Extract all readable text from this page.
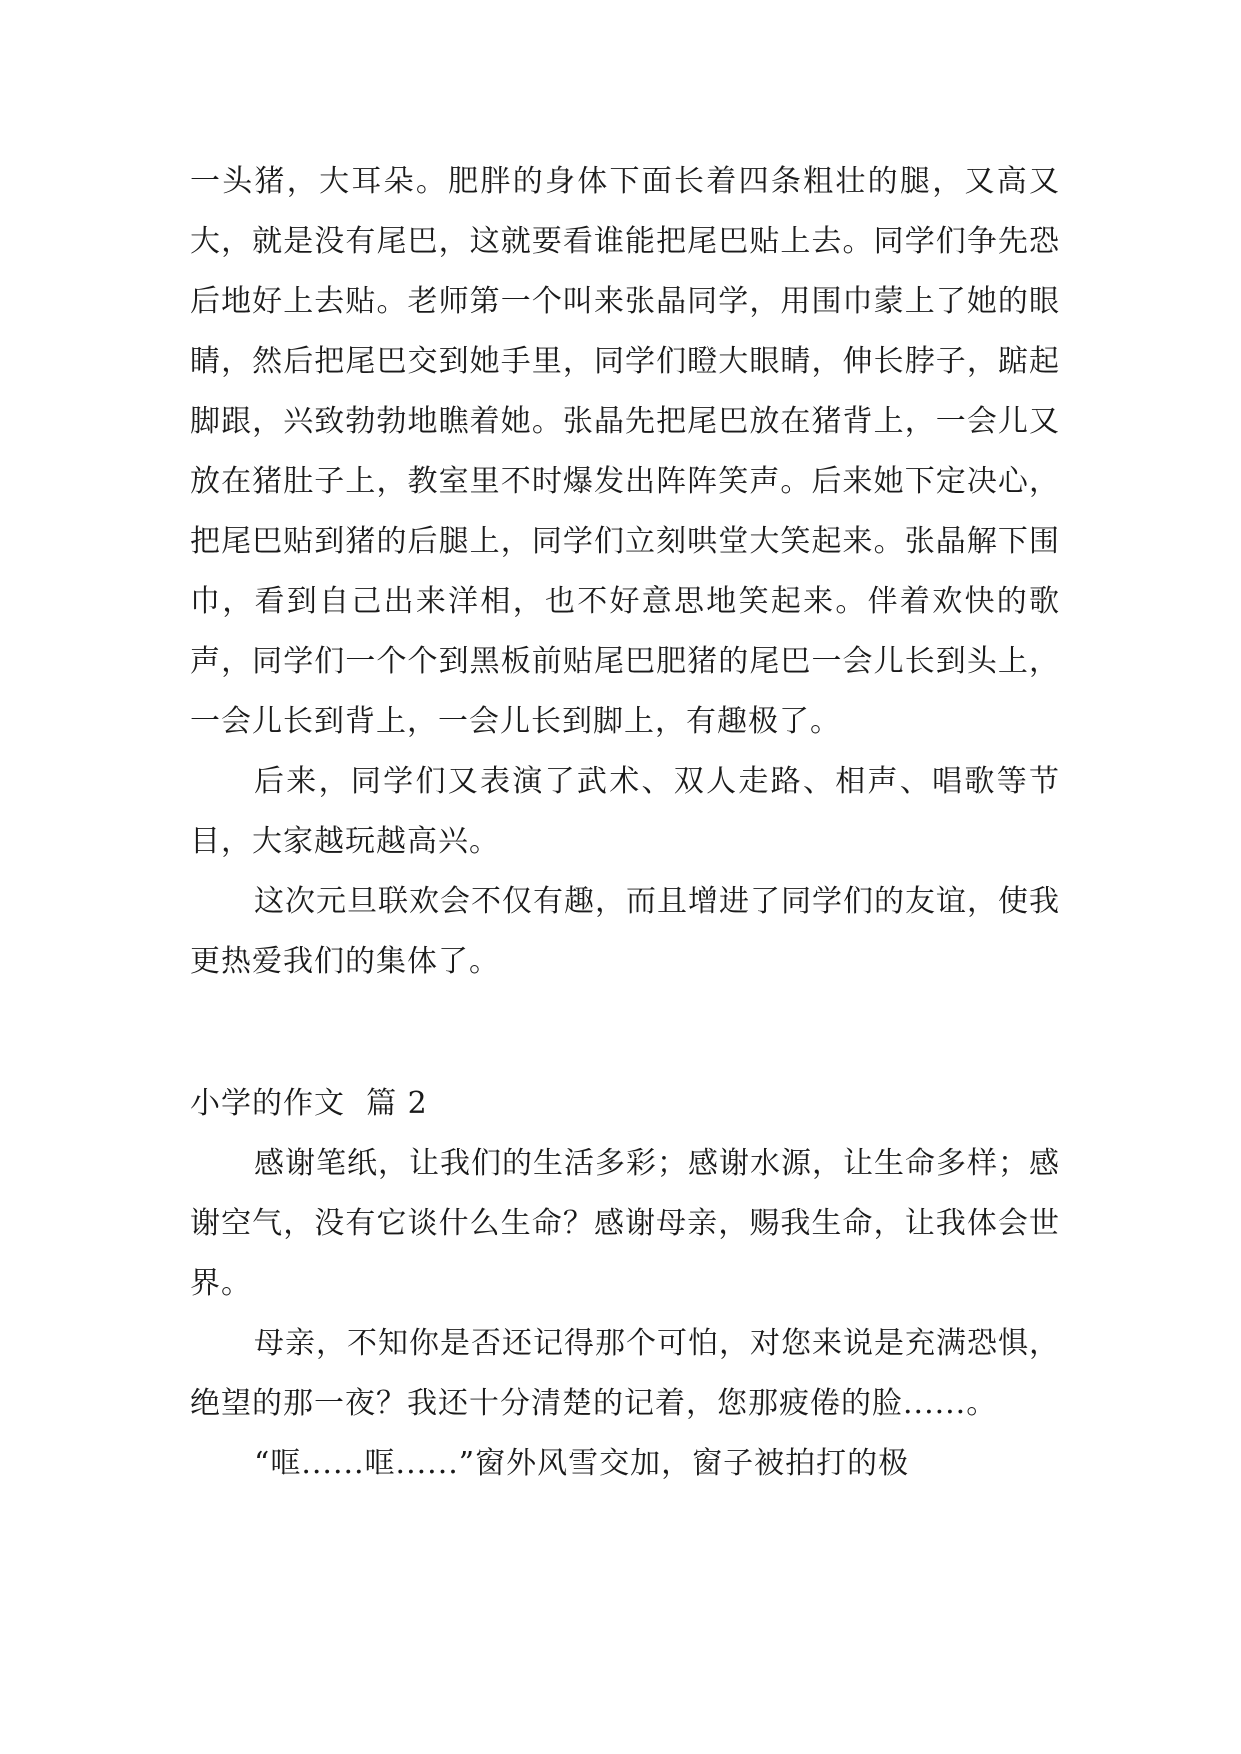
一头猪，大耳朵。肥胖的身体下面长着四条粗壮的腿，又高又大，就是没有尾巴，这就要看谁能把尾巴贴上去。同学们争先恐后地好上去贴。老师第一个叫来张晶同学，用围巾蒙上了她的眼睛，然后把尾巴交到她手里，同学们瞪大眼睛，伸长脖子，踮起脚跟，兴致勃勃地瞧着她。张晶先把尾巴放在猪背上，一会儿又放在猪肚子上，教室里不时爆发出阵阵笑声。后来她下定决心，把尾巴贴到猪的后腿上，同学们立刻哄堂大笑起来。张晶解下围巾，看到自己出来洋相，也不好意思地笑起来。伴着欢快的歌声，同学们一个个到黑板前贴尾巴肥猪的尾巴一会儿长到头上，一会儿长到背上，一会儿长到脚上，有趣极了。

后来，同学们又表演了武术、双人走路、相声、唱歌等节目，大家越玩越高兴。

这次元旦联欢会不仅有趣，而且增进了同学们的友谊，使我更热爱我们的集体了。

小学的作文  篇 2

感谢笔纸，让我们的生活多彩；感谢水源，让生命多样；感谢空气，没有它谈什么生命？感谢母亲，赐我生命，让我体会世界。

母亲，不知你是否还记得那个可怕，对您来说是充满恐惧，绝望的那一夜？我还十分清楚的记着，您那疲倦的脸......。

“哐......哐......”窗外风雪交加，窗子被拍打的极
